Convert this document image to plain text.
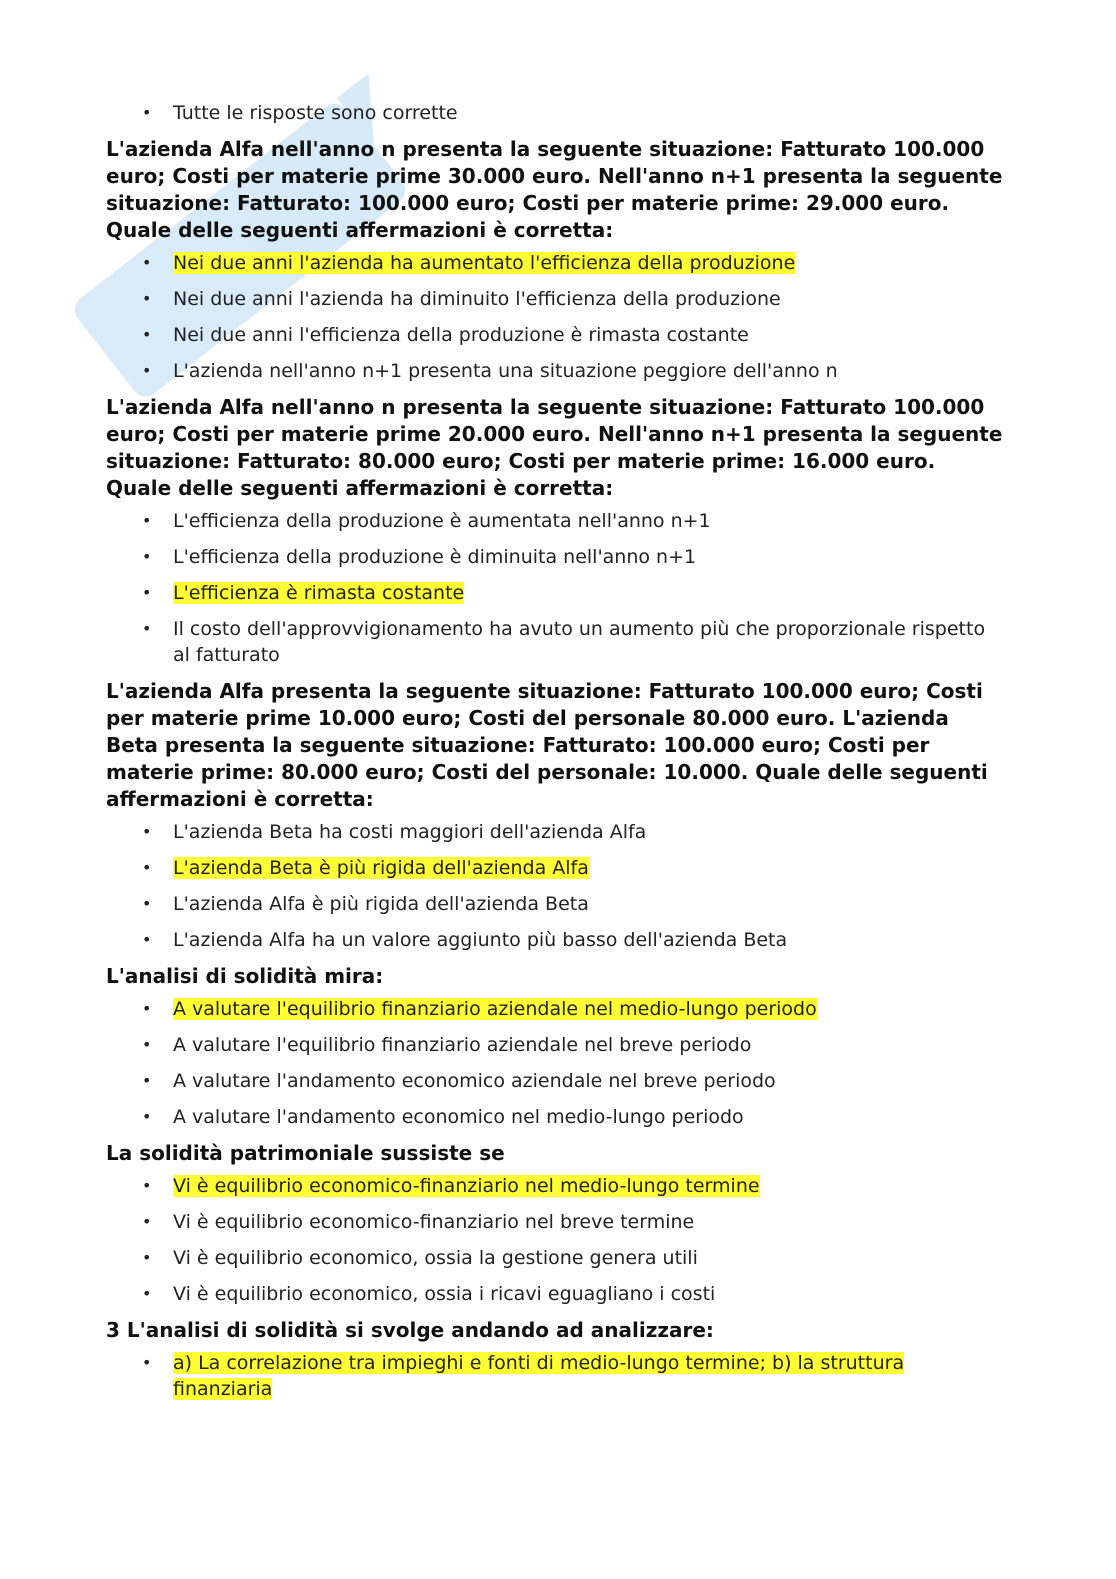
• Tutte le risposte sono corrette
L'azienda Alfa nell'anno n presenta la seguente situazione: Fatturato 100.000 euro; Costi per materie prime 30.000 euro. Nell'anno n+1 presenta la seguente situazione: Fatturato: 100.000 euro; Costi per materie prime: 29.000 euro. Quale delle seguenti affermazioni è corretta:
• Nei due anni l'azienda ha aumentato l'efficienza della produzione
• Nei due anni l'azienda ha diminuito l'efficienza della produzione
• Nei due anni l'efficienza della produzione è rimasta costante
• L'azienda nell'anno n+1 presenta una situazione peggiore dell'anno n
L'azienda Alfa nell'anno n presenta la seguente situazione: Fatturato 100.000 euro; Costi per materie prime 20.000 euro. Nell'anno n+1 presenta la seguente situazione: Fatturato: 80.000 euro; Costi per materie prime: 16.000 euro. Quale delle seguenti affermazioni è corretta:
• L'efficienza della produzione è aumentata nell'anno n+1
• L'efficienza della produzione è diminuita nell'anno n+1
• L'efficienza è rimasta costante
• Il costo dell'approvvigionamento ha avuto un aumento più che proporzionale rispetto al fatturato
L'azienda Alfa presenta la seguente situazione: Fatturato 100.000 euro; Costi per materie prime 10.000 euro; Costi del personale 80.000 euro. L'azienda Beta presenta la seguente situazione: Fatturato: 100.000 euro; Costi per materie prime: 80.000 euro; Costi del personale: 10.000. Quale delle seguenti affermazioni è corretta:
• L'azienda Beta ha costi maggiori dell'azienda Alfa
• L'azienda Beta è più rigida dell'azienda Alfa
• L'azienda Alfa è più rigida dell'azienda Beta
• L'azienda Alfa ha un valore aggiunto più basso dell'azienda Beta
L'analisi di solidità mira:
• A valutare l'equilibrio finanziario aziendale nel medio-lungo periodo
• A valutare l'equilibrio finanziario aziendale nel breve periodo
• A valutare l'andamento economico aziendale nel breve periodo
• A valutare l'andamento economico nel medio-lungo periodo
La solidità patrimoniale sussiste se
• Vi è equilibrio economico-finanziario nel medio-lungo termine
• Vi è equilibrio economico-finanziario nel breve termine
• Vi è equilibrio economico, ossia la gestione genera utili
• Vi è equilibrio economico, ossia i ricavi eguagliano i costi
3 L'analisi di solidità si svolge andando ad analizzare:
• a) La correlazione tra impieghi e fonti di medio-lungo termine; b) la struttura finanziaria
